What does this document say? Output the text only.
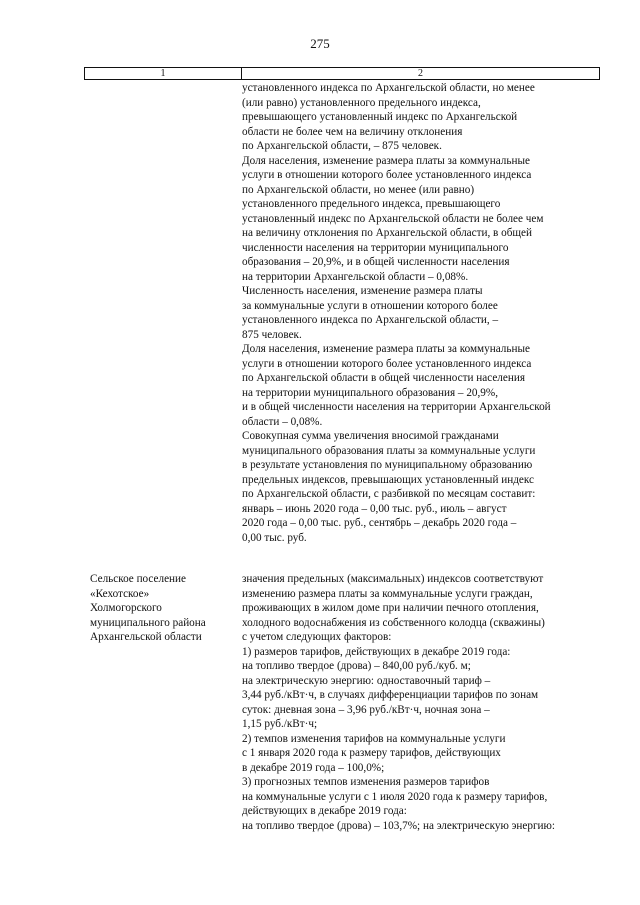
275
1	2
установленного индекса по Архангельской области, но менее
(или равно) установленного предельного индекса,
превышающего установленный индекс по Архангельской
области не более чем на величину отклонения
по Архангельской области, – 875 человек.
Доля населения, изменение размера платы за коммунальные
услуги в отношении которого более установленного индекса
по Архангельской области, но менее (или равно)
установленного предельного индекса, превышающего
установленный индекс по Архангельской области не более чем
на величину отклонения по Архангельской области, в общей
численности населения на территории муниципального
образования – 20,9%, и в общей численности населения
на территории Архангельской области – 0,08%.
Численность населения, изменение размера платы
за коммунальные услуги в отношении которого более
установленного индекса по Архангельской области, –
875 человек.
Доля населения, изменение размера платы за коммунальные
услуги в отношении которого более установленного индекса
по Архангельской области в общей численности населения
на территории муниципального образования – 20,9%,
и в общей численности населения на территории Архангельской
области – 0,08%.
Совокупная сумма увеличения вносимой гражданами
муниципального образования платы за коммунальные услуги
в результате установления по муниципальному образованию
предельных индексов, превышающих установленный индекс
по Архангельской области, с разбивкой по месяцам составит:
январь – июнь 2020 года – 0,00 тыс. руб., июль – август
2020 года – 0,00 тыс. руб., сентябрь – декабрь 2020 года –
0,00 тыс. руб.
Сельское поселение
«Кехотское»
Холмогорского
муниципального района
Архангельской области
значения предельных (максимальных) индексов соответствуют
изменению размера платы за коммунальные услуги граждан,
проживающих в жилом доме при наличии печного отопления,
холодного водоснабжения из собственного колодца (скважины)
с учетом следующих факторов:
1) размеров тарифов, действующих в декабре 2019 года:
на топливо твердое (дрова) – 840,00 руб./куб. м;
на электрическую энергию: одноставочный тариф –
3,44 руб./кВт·ч, в случаях дифференциации тарифов по зонам
суток: дневная зона – 3,96 руб./кВт·ч, ночная зона –
1,15 руб./кВт·ч;
2) темпов изменения тарифов на коммунальные услуги
с 1 января 2020 года к размеру тарифов, действующих
в декабре 2019 года – 100,0%;
3) прогнозных темпов изменения размеров тарифов
на коммунальные услуги с 1 июля 2020 года к размеру тарифов,
действующих в декабре 2019 года:
на топливо твердое (дрова) – 103,7%; на электрическую энергию:
